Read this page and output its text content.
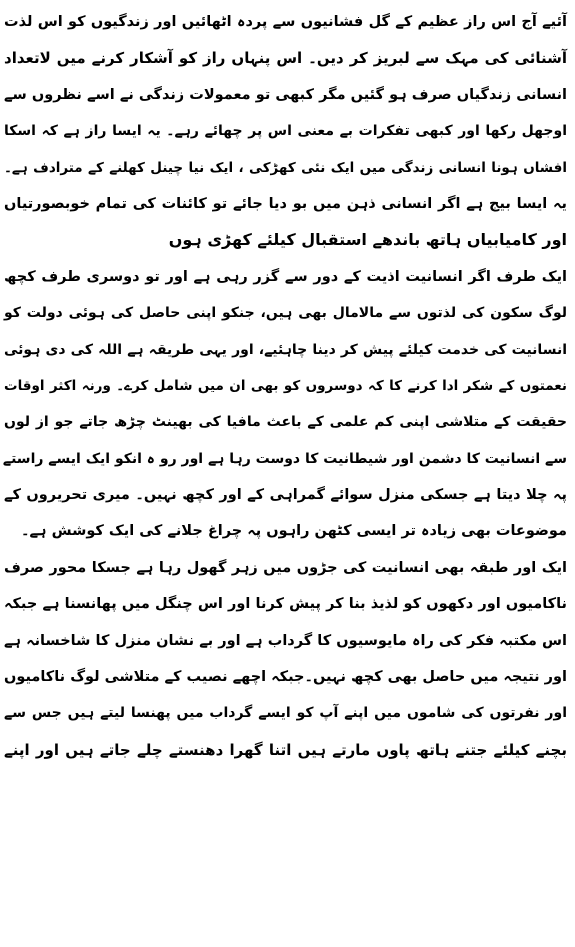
آئیے آج اس راز عظیم کے گل فشانیوں سے پردہ اٹھائیں اور زندگیوں کو اس لذت
آشنائی کی مہک سے لبریز کر دیں۔ اس پنہاں راز کو آشکار کرنے میں لاتعداد
انسانی زندگیاں صرف ہو گئیں مگر کبھی تو معمولات زندگی نے اسے نظروں سے
اوجھل رکھا اور کبھی تفکرات بے معنی اس پر چھائے رہے۔ یہ ایسا راز ہے کہ اسکا
افشاں ہونا انسانی زندگی میں ایک نئی کھڑکی ، ایک نیا چینل کھلنے کے مترادف ہے۔
یہ ایسا بیج ہے اگر انسانی ذہن میں بو دیا جائے تو کائنات کی تمام خوبصورتیاں
اور کامیابیاں ہاتھ باندھے استقبال کیلئے کھڑی ہوں

ایک طرف اگر انسانیت اذیت کے دور سے گزر رہی ہے اور تو دوسری طرف کچھ
لوگ سکون کی لذتوں سے مالامال بھی ہیں، جنکو اپنی حاصل کی ہوئی دولت کو
انسانیت کی خدمت کیلئے پیش کر دینا چاہئیے، اور یہی طریقہ ہے اللہ کی دی ہوئی
نعمتوں کے شکر ادا کرنے کا کہ دوسروں کو بھی ان میں شامل کرے۔ ورنہ اکثر اوقات
حقیقت کے متلاشی اپنی کم علمی کے باعث مافیا کی بھینٹ چڑھ جاتے جو از لوں
سے انسانیت کا دشمن اور شیطانیت کا دوست رہا ہے اور رو ہ انکو ایک ایسے راستے
پہ چلا دیتا ہے جسکی منزل سوائے گمراہی کے اور کچھ نہیں۔ میری تحریروں کے
موضوعات بھی زیادہ تر ایسی کٹھن راہوں پہ چراغ جلانے کی ایک کوشش ہے۔

ایک اور طبقہ بھی انسانیت کی جڑوں میں زہر گھول رہا ہے جسکا محور صرف
ناکامیوں اور دکھوں کو لذیذ بنا کر پیش کرنا اور اس چنگل میں پھانسنا ہے جبکہ
اس مکتبہ فکر کی راہ مایوسیوں کا گرداب ہے اور بے نشان منزل کا شاخسانہ ہے
اور نتیجہ میں حاصل بھی کچھ نہیں۔جبکہ اچھے نصیب کے متلاشی لوگ ناکامیوں
اور نفرتوں کی شاموں میں اپنے آپ کو ایسے گرداب میں پھنسا لیتے ہیں جس سے
بچنے کیلئے جتنے ہاتھ پاوں مارتے ہیں اتنا گھرا دھنستے چلے جاتے ہیں اور اپنے
